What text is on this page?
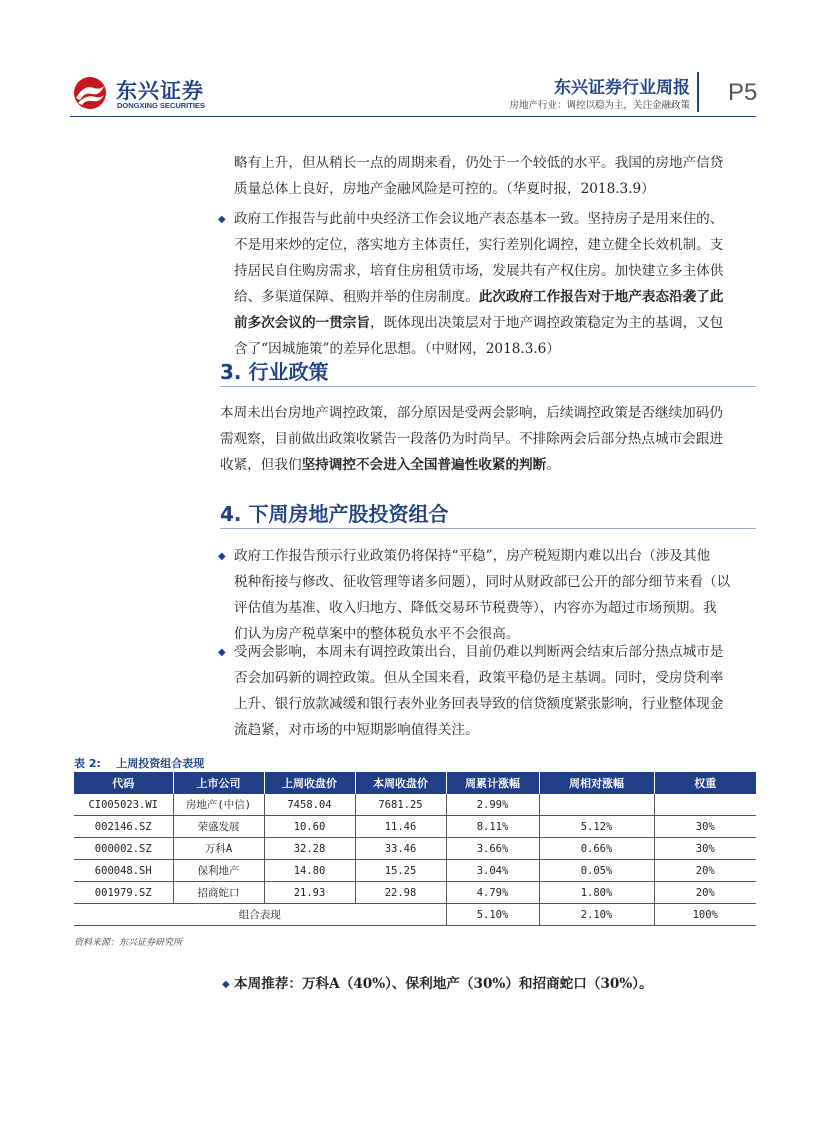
东兴证券
DONGXING SECURITIES
东兴证券行业周报
房地产行业：调控以稳为主，关注金融政策 P5
略有上升，但从稍长一点的周期来看，仍处于一个较低的水平。我国的房地产信贷
质量总体上良好，房地产金融风险是可控的。（华夏时报，2018.3.9）
◆ 政府工作报告与此前中央经济工作会议地产表态基本一致。坚持房子是用来住的、
不是用来炒的定位，落实地方主体责任，实行差别化调控，建立健全长效机制。支
持居民自住购房需求，培育住房租赁市场，发展共有产权住房。加快建立多主体供
给、多渠道保障、租购并举的住房制度。此次政府工作报告对于地产表态沿袭了此
前多次会议的一贯宗旨，既体现出决策层对于地产调控政策稳定为主的基调，又包
含了“因城施策”的差异化思想。（中财网，2018.3.6）
3. 行业政策
本周未出台房地产调控政策，部分原因是受两会影响，后续调控政策是否继续加码仍
需观察，目前做出政策收紧告一段落仍为时尚早。不排除两会后部分热点城市会跟进
收紧，但我们坚持调控不会进入全国普遍性收紧的判断。
4. 下周房地产股投资组合
◆ 政府工作报告预示行业政策仍将保持“平稳”，房产税短期内难以出台（涉及其他
税种衔接与修改、征收管理等诸多问题），同时从财政部已公开的部分细节来看（以
评估值为基准、收入归地方、降低交易环节税费等），内容亦为超过市场预期。我
们认为房产税草案中的整体税负水平不会很高。
◆ 受两会影响，本周未有调控政策出台，目前仍难以判断两会结束后部分热点城市是
否会加码新的调控政策。但从全国来看，政策平稳仍是主基调。同时，受房贷利率
上升、银行放款减缓和银行表外业务回表导致的信贷额度紧张影响，行业整体现金
流趋紧，对市场的中短期影响值得关注。
表 2: 上周投资组合表现
代码	上市公司	上周收盘价	本周收盘价	周累计涨幅	周相对涨幅	权重
CI005023.WI	房地产(中信)	7458.04	7681.25	2.99%		
002146.SZ	荣盛发展	10.60	11.46	8.11%	5.12%	30%
000002.SZ	万科A	32.28	33.46	3.66%	0.66%	30%
600048.SH	保利地产	14.80	15.25	3.04%	0.05%	20%
001979.SZ	招商蛇口	21.93	22.98	4.79%	1.80%	20%
组合表现				5.10%	2.10%	100%
资料来源：东兴证券研究所
◆ 本周推荐：万科A（40%）、保利地产（30%）和招商蛇口（30%）。
